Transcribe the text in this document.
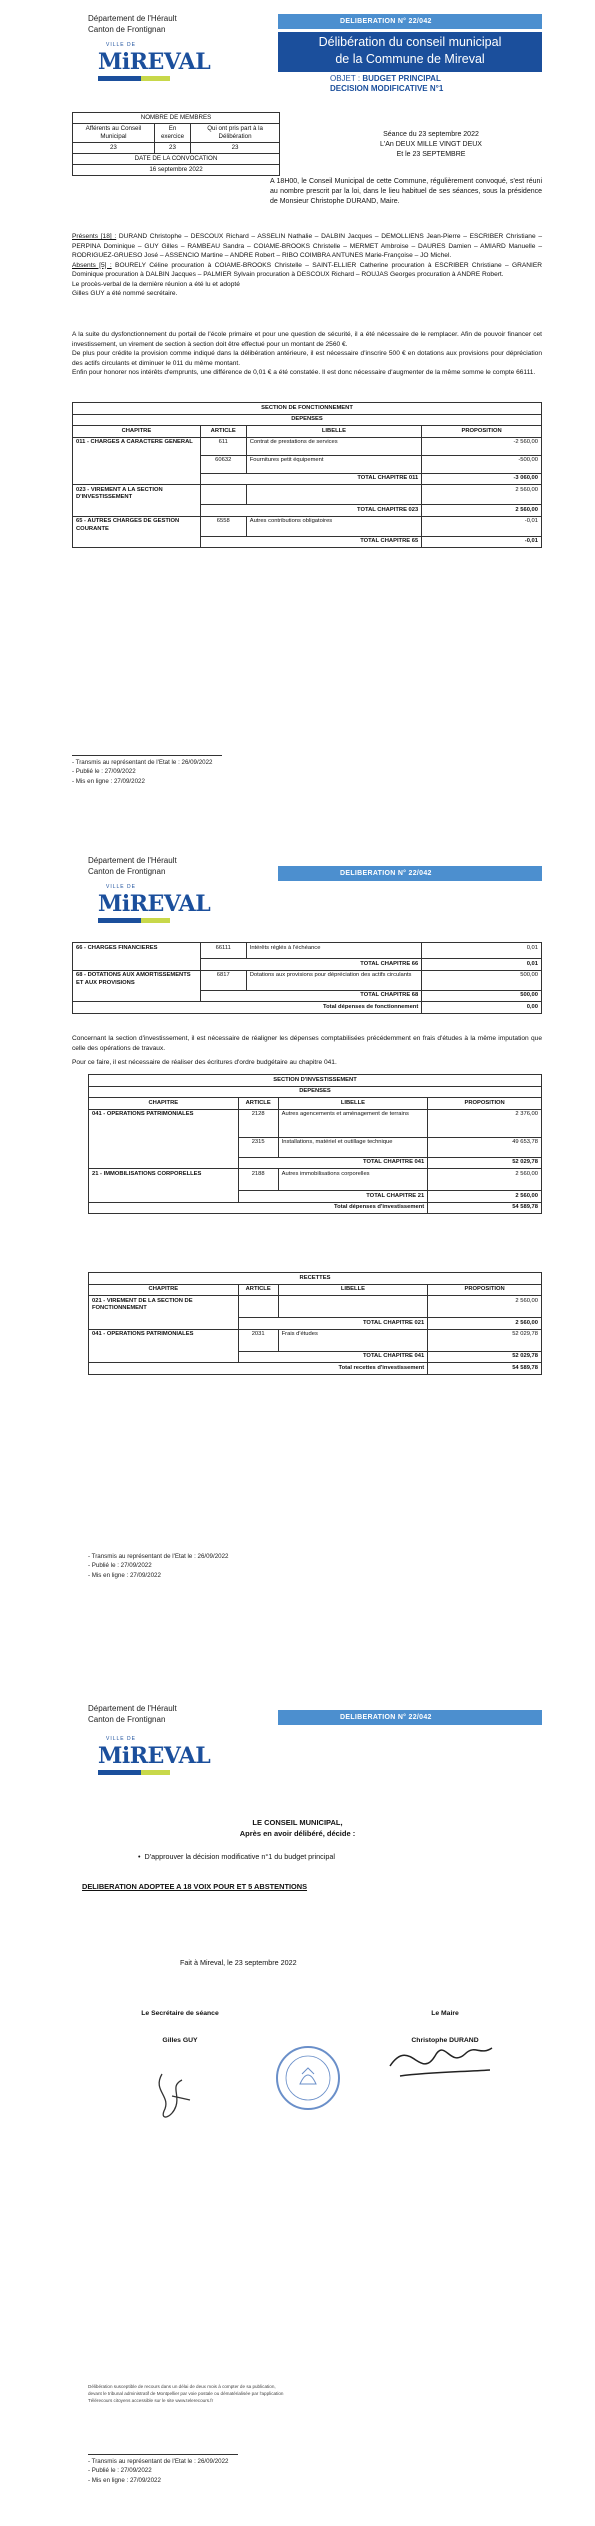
Département de l'Hérault
Canton de Frontignan
VILLE DE
MiREVAL
DELIBERATION N° 22/042
Délibération du conseil municipal
de la Commune de Mireval
OBJET : BUDGET PRINCIPAL
DECISION MODIFICATIVE N°1
NOMBRE DE MEMBRES		
Afférents au Conseil Municipal	En exercice	Qui ont pris part à la Délibération
23	23	23
DATE DE LA CONVOCATION		
16 septembre 2022		
Séance du 23 septembre 2022
L'An DEUX MILLE VINGT DEUX
Et le 23 SEPTEMBRE
A 18H00, le Conseil Municipal de cette Commune, régulièrement convoqué, s'est réuni au nombre prescrit par la loi, dans le lieu habituel de ses séances, sous la présidence de Monsieur Christophe DURAND, Maire.

Présents [18] : DURAND Christophe – DESCOUX Richard – ASSELIN Nathalie – DALBIN Jacques – DEMOLLIENS Jean-Pierre – ESCRIBER Christiane – PERPINA Dominique – GUY Gilles – RAMBEAU Sandra – COIAME-BROOKS Christelle – MERMET Ambroise – DAURES Damien – AMIARD Manuelle – RODRIGUEZ-GRUESO José – ASSENCIO Martine – ANDRE Robert – RIBO COIMBRA ANTUNES Marie-Françoise – JO Michel.

Absents [5] : BOURELY Céline procuration à COIAME-BROOKS Christelle – SAINT-ELLIER Catherine procuration à ESCRIBER Christiane – GRANIER Dominique procuration à DALBIN Jacques – PALMIER Sylvain procuration à DESCOUX Richard – ROUJAS Georges procuration à ANDRE Robert.

Le procès-verbal de la dernière réunion a été lu et adopté

Gilles GUY a été nommé secrétaire.

A la suite du dysfonctionnement du portail de l'école primaire et pour une question de sécurité, il a été nécessaire de le remplacer. Afin de pouvoir financer cet investissement, un virement de section à section doit être effectué pour un montant de 2560 €.

De plus pour crédite la provision comme indiqué dans la délibération antérieure, il est nécessaire d'inscrire 500 € en dotations aux provisions pour dépréciation des actifs circulants et diminuer le 011 du même montant.

Enfin pour honorer nos intérêts d'emprunts, une différence de 0,01 € a été constatée. Il est donc nécessaire d'augmenter de la même somme le compte 66111.

SECTION DE FONCTIONNEMENT			
DEPENSES			
CHAPITRE	ARTICLE	LIBELLE	PROPOSITION
011 - CHARGES A CARACTERE GENERAL	611	Contrat de prestations de services	-2 560,00
	60632	Fournitures petit équipement	-500,00
	TOTAL CHAPITRE 011		-3 060,00
023 - VIREMENT A LA SECTION D'INVESTISSEMENT			2 560,00
	TOTAL CHAPITRE 023		2 560,00
65 - AUTRES CHARGES DE GESTION COURANTE	6558	Autres contributions obligatoires	-0,01
	TOTAL CHAPITRE 65		-0,01
- Transmis au représentant de l'Etat le : 26/09/2022
- Publié le : 27/09/2022
- Mis en ligne : 27/09/2022
Département de l'Hérault
Canton de Frontignan
VILLE DE
MiREVAL
DELIBERATION N° 22/042
66 - CHARGES FINANCIERES	66111	Intérêts réglés à l'échéance	0,01
	TOTAL CHAPITRE 66		0,01
68 - DOTATIONS AUX AMORTISSEMENTS ET AUX PROVISIONS	6817	Dotations aux provisions pour dépréciation des actifs circulants	500,00
	TOTAL CHAPITRE 68		500,00
Total dépenses de fonctionnement			0,00

Concernant la section d'investissement, il est nécessaire de réaligner les dépenses comptabilisées précédemment en frais d'études à la même imputation que celle des opérations de travaux.

Pour ce faire, il est nécessaire de réaliser des écritures d'ordre budgétaire au chapitre 041.

SECTION D'INVESTISSEMENT			
DEPENSES			
CHAPITRE	ARTICLE	LIBELLE	PROPOSITION
041 - OPERATIONS PATRIMONIALES	2128	Autres agencements et aménagement de terrains	2 376,00
	2315	Installations, matériel et outillage technique	49 653,78
	TOTAL CHAPITRE 041		52 029,78
21 - IMMOBILISATIONS CORPORELLES	2188	Autres immobilisations corporelles	2 560,00
	TOTAL CHAPITRE 21		2 560,00
Total dépenses d'investissement			54 589,78
RECETTES			
CHAPITRE	ARTICLE	LIBELLE	PROPOSITION
021 - VIREMENT DE LA SECTION DE FONCTIONNEMENT			2 560,00
	TOTAL CHAPITRE 021		2 560,00
041 - OPERATIONS PATRIMONIALES	2031	Frais d'études	52 029,78
	TOTAL CHAPITRE 041		52 029,78
Total recettes d'investissement			54 589,78
- Transmis au représentant de l'Etat le : 26/09/2022
- Publié le : 27/09/2022
- Mis en ligne : 27/09/2022
Département de l'Hérault
Canton de Frontignan
VILLE DE
MiREVAL
DELIBERATION N° 22/042
LE CONSEIL MUNICIPAL,
Après en avoir délibéré, décide :
•  D'approuver la décision modificative n°1 du budget principal
DELIBERATION ADOPTEE A 18 VOIX POUR ET 5 ABSTENTIONS
Fait à Mireval, le 23 septembre 2022
Le Secrétaire de séance
Gilles GUY
Le Maire
Christophe DURAND
Délibération susceptible de recours dans un délai de deux mois à compter de sa publication, devant le tribunal administratif de Montpellier par voie postale ou dématérialisée par l'application Télérecours citoyens accessible sur le site www.telerecours.fr
- Transmis au représentant de l'Etat le : 26/09/2022
- Publié le : 27/09/2022
- Mis en ligne : 27/09/2022
